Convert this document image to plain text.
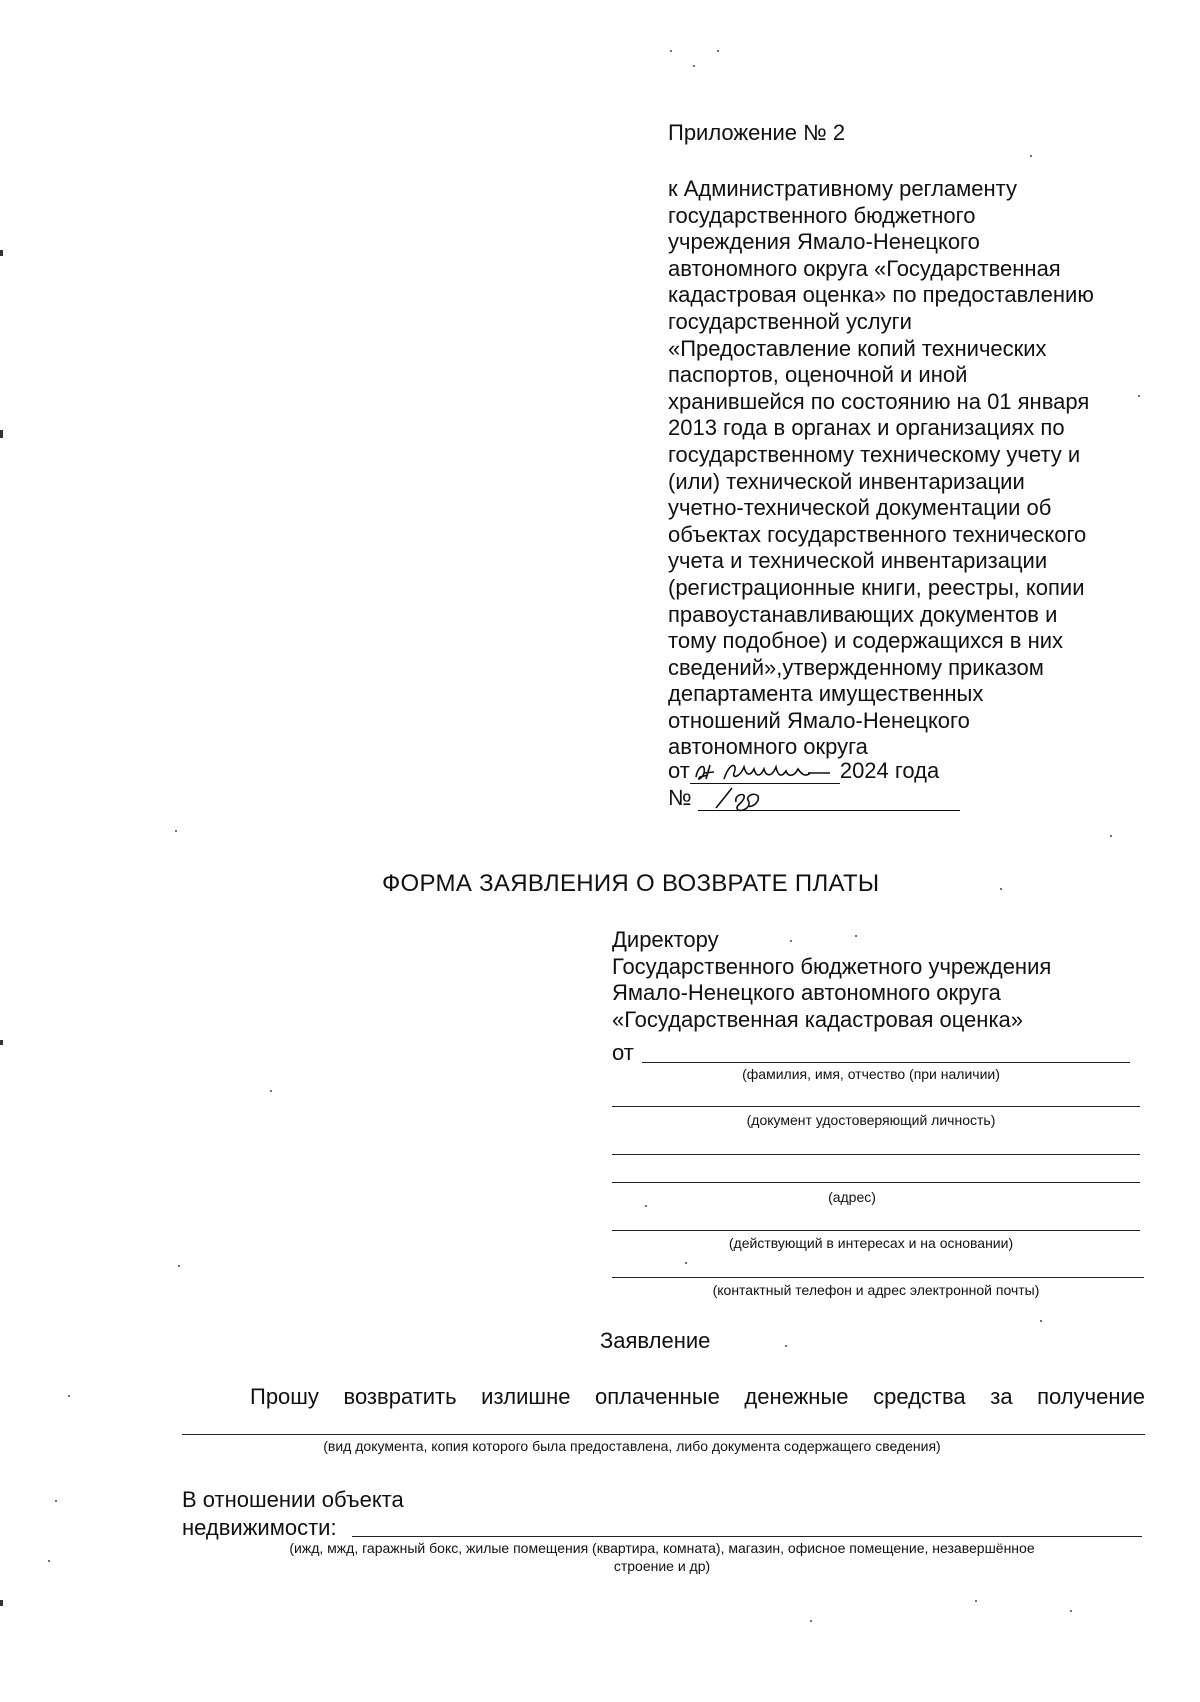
Приложение № 2
к Административному регламенту
государственного бюджетного
учреждения Ямало-Ненецкого
автономного округа «Государственная
кадастровая оценка» по предоставлению
государственной услуги
«Предоставление копий технических
паспортов, оценочной и иной
хранившейся по состоянию на 01 января
2013 года в органах и организациях по
государственному техническому учету и
(или) технической инвентаризации
учетно-технической документации об
объектах государственного технического
учета и технической инвентаризации
(регистрационные книги, реестры, копии
правоустанавливающих документов и
тому подобное) и содержащихся в них
сведений»,утвержденному приказом
департамента имущественных
отношений Ямало-Ненецкого
автономного округа
от	2024 года
№
ФОРМА ЗАЯВЛЕНИЯ О ВОЗВРАТЕ ПЛАТЫ
Директору
Государственного бюджетного учреждения
Ямало-Ненецкого автономного округа
«Государственная кадастровая оценка»
от
(фамилия, имя, отчество (при наличии)
(документ удостоверяющий личность)
(адрес)
(действующий в интересах и на основании)
(контактный телефон и адрес электронной почты)
Заявление
Прошу возвратить излишне оплаченные денежные средства за получение
(вид документа, копия которого была предоставлена, либо документа содержащего сведения)
В отношении объекта
недвижимости:
(ижд, мжд, гаражный бокс, жилые помещения (квартира, комната), магазин, офисное помещение, незавершённое
строение и др)
